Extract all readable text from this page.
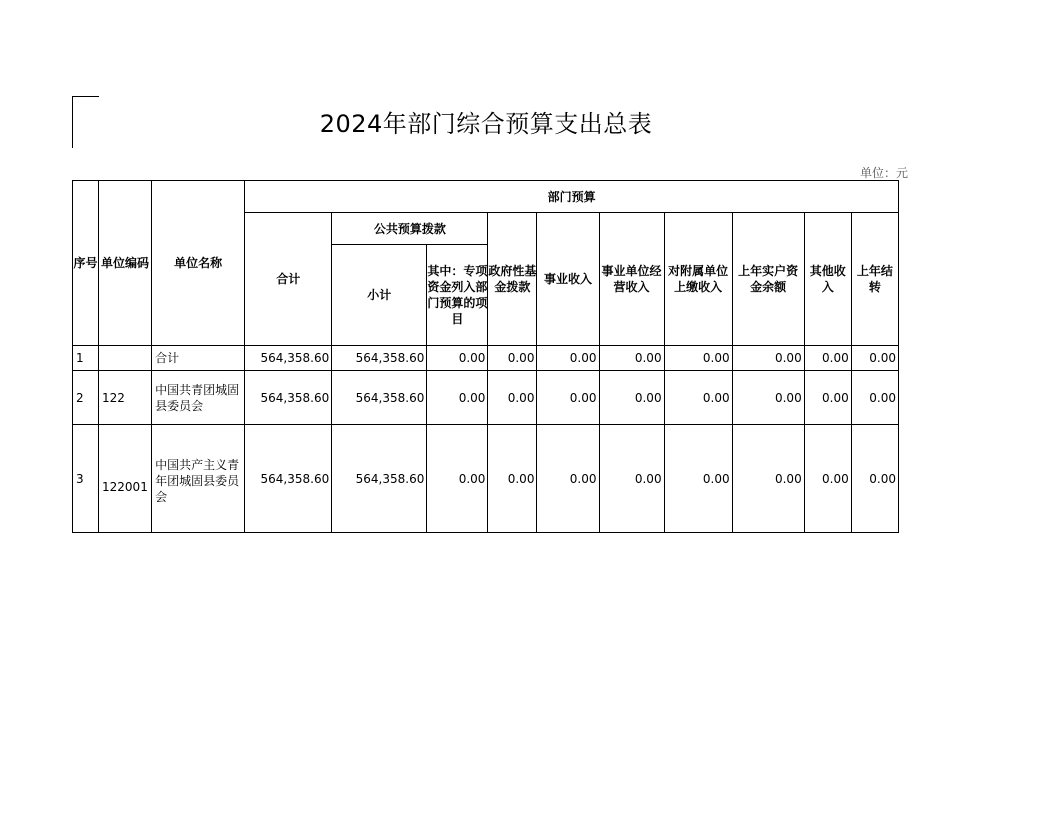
2024年部门综合预算支出总表
单位：元
序号	单位编码	单位名称	部门预算									
			合计	公共预算拨款		政府性基金拨款	事业收入	事业单位经营收入	对附属单位上缴收入	上年实户资金余额	其他收入	上年结转
				小计	其中：专项资金列入部门预算的项目							
1		合计	564,358.60	564,358.60	0.00	0.00	0.00	0.00	0.00	0.00	0.00	0.00
2	122	中国共青团城固县委员会	564,358.60	564,358.60	0.00	0.00	0.00	0.00	0.00	0.00	0.00	0.00
3	122001	中国共产主义青年团城固县委员会	564,358.60	564,358.60	0.00	0.00	0.00	0.00	0.00	0.00	0.00	0.00
